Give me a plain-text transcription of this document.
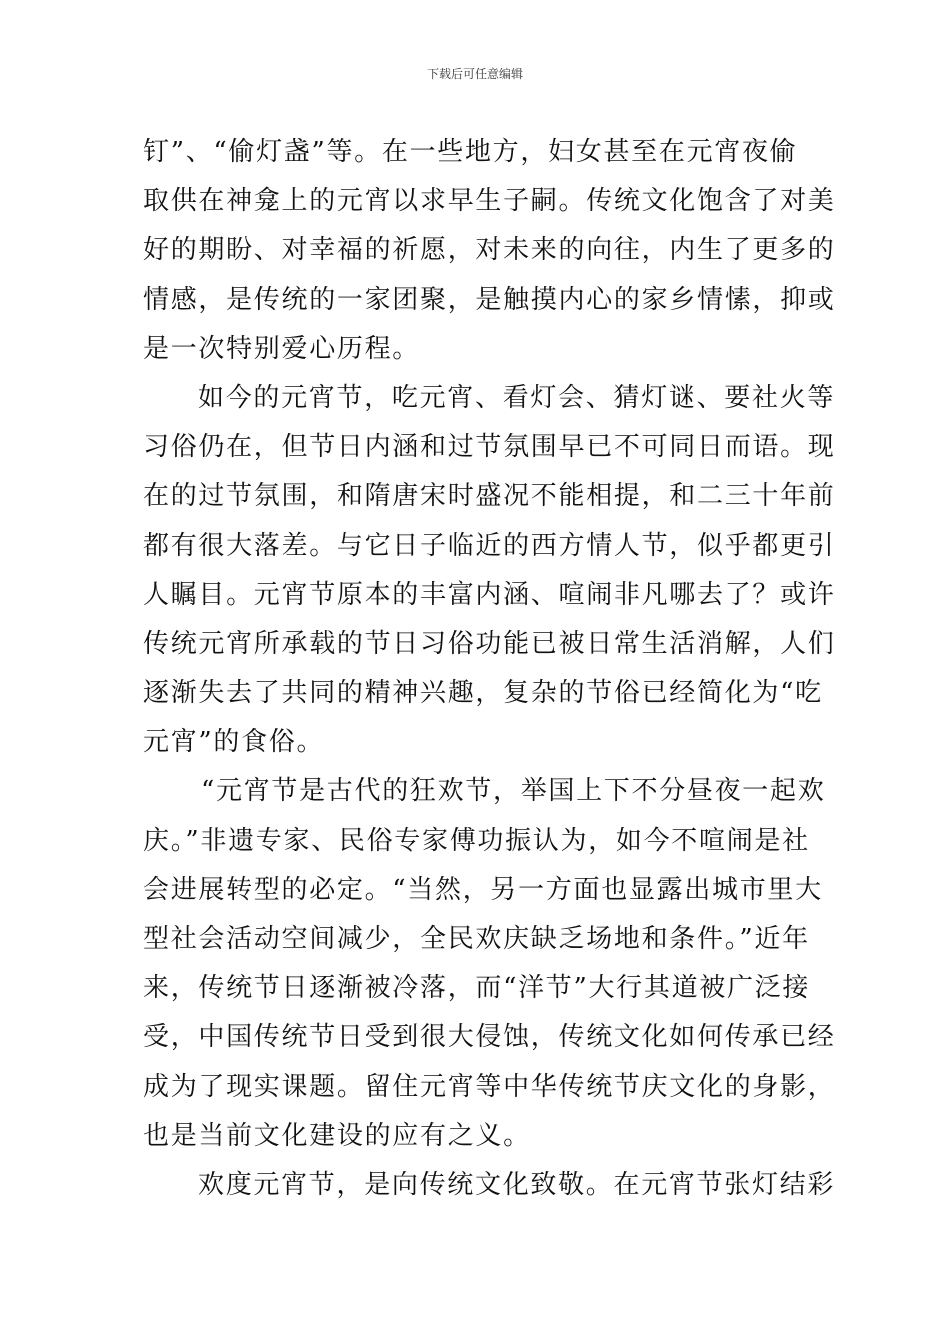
下载后可任意编辑
钉”、“偷灯盏”等。在一些地方，妇女甚至在元宵夜偷
取供在神龛上的元宵以求早生子嗣。传统文化饱含了对美
好的期盼、对幸福的祈愿，对未来的向往，内生了更多的
情感，是传统的一家团聚，是触摸内心的家乡情愫，抑或
是一次特别爱心历程。
如今的元宵节，吃元宵、看灯会、猜灯谜、要社火等
习俗仍在，但节日内涵和过节氛围早已不可同日而语。现
在的过节氛围，和隋唐宋时盛况不能相提，和二三十年前
都有很大落差。与它日子临近的西方情人节，似乎都更引
人瞩目。元宵节原本的丰富内涵、喧闹非凡哪去了？或许
传统元宵所承载的节日习俗功能已被日常生活消解，人们
逐渐失去了共同的精神兴趣，复杂的节俗已经简化为“吃
元宵”的食俗。
“元宵节是古代的狂欢节，举国上下不分昼夜一起欢
庆。”非遗专家、民俗专家傅功振认为，如今不喧闹是社
会进展转型的必定。“当然，另一方面也显露出城市里大
型社会活动空间减少，全民欢庆缺乏场地和条件。”近年
来，传统节日逐渐被冷落，而“洋节”大行其道被广泛接
受，中国传统节日受到很大侵蚀，传统文化如何传承已经
成为了现实课题。留住元宵等中华传统节庆文化的身影，
也是当前文化建设的应有之义。
欢度元宵节，是向传统文化致敬。在元宵节张灯结彩
